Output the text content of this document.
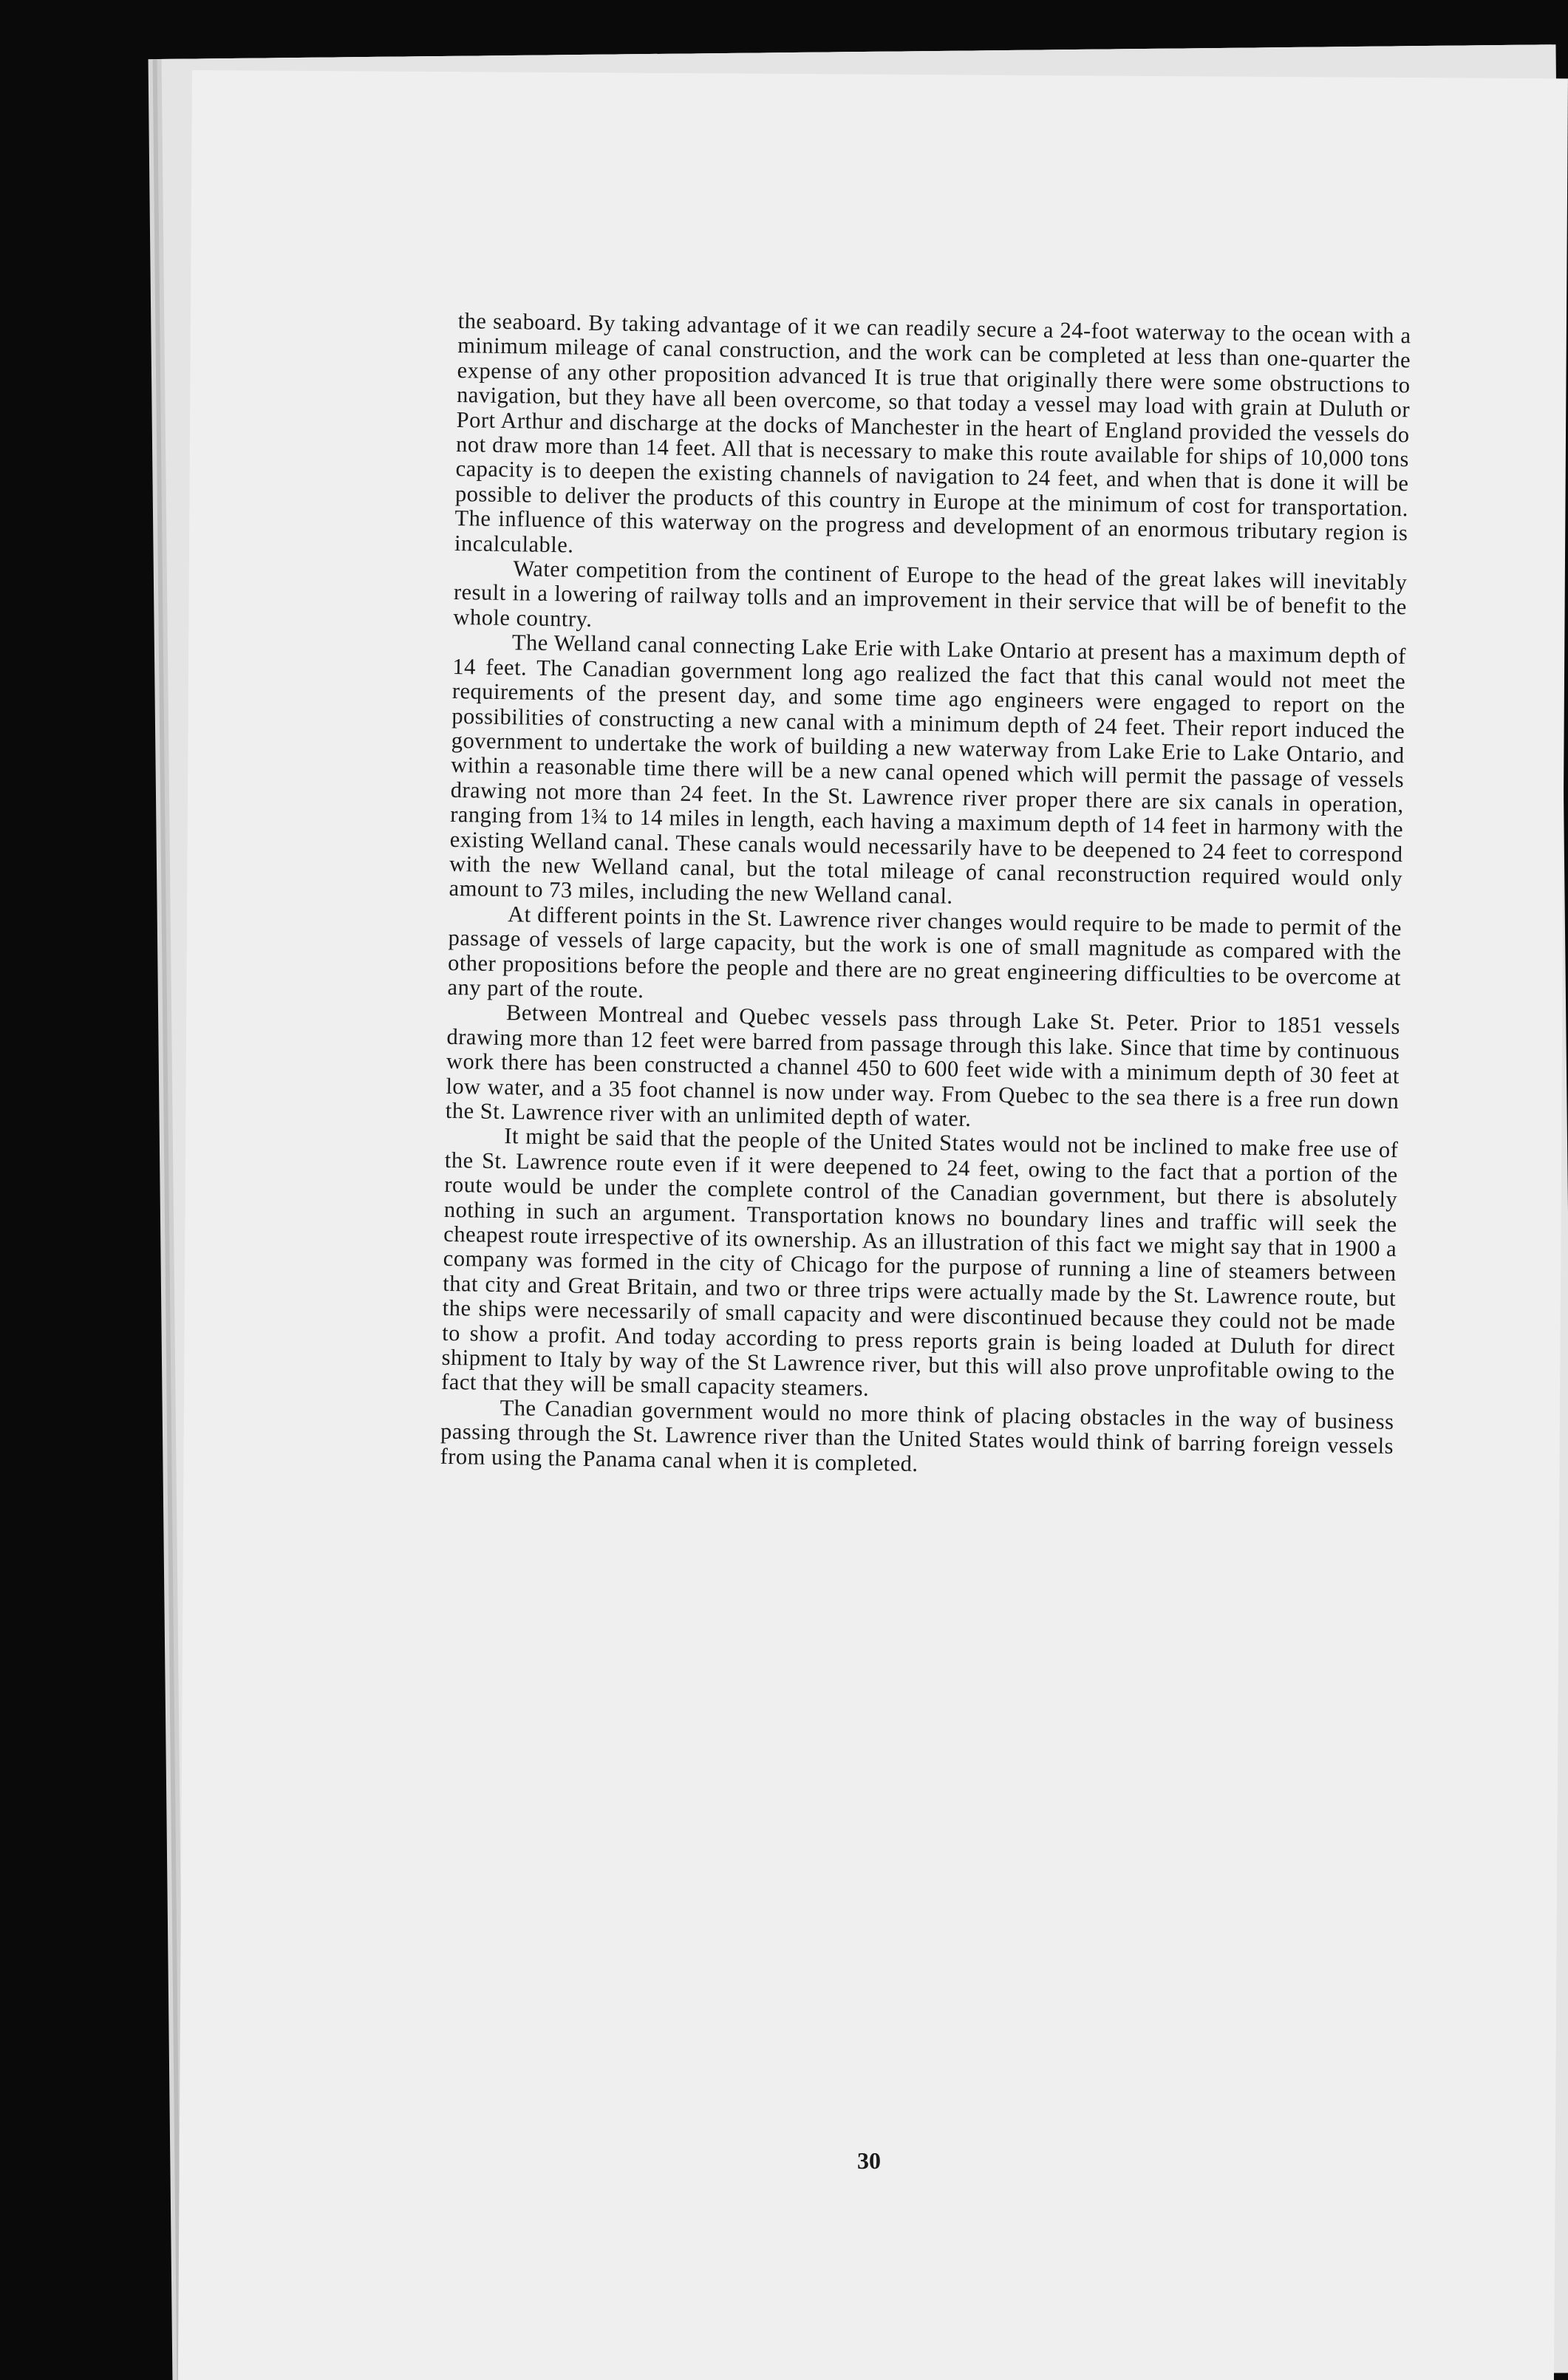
the seaboard. By taking advantage of it we can readily secure a 24-foot waterway to the ocean with a minimum mileage of canal construction, and the work can be completed at less than one-quarter the expense of any other proposition advanced It is true that originally there were some obstructions to navigation, but they have all been overcome, so that today a vessel may load with grain at Duluth or Port Arthur and discharge at the docks of Manchester in the heart of England provided the vessels do not draw more than 14 feet. All that is necessary to make this route available for ships of 10,000 tons capacity is to deepen the existing channels of navigation to 24 feet, and when that is done it will be possible to deliver the products of this country in Europe at the minimum of cost for transportation. The influence of this waterway on the progress and development of an enormous tributary region is incalculable.

Water competition from the continent of Europe to the head of the great lakes will inevitably result in a lowering of railway tolls and an improvement in their service that will be of benefit to the whole country.

The Welland canal connecting Lake Erie with Lake Ontario at present has a maximum depth of 14 feet. The Canadian government long ago realized the fact that this canal would not meet the requirements of the present day, and some time ago engineers were engaged to report on the possibilities of constructing a new canal with a minimum depth of 24 feet. Their report induced the government to undertake the work of building a new waterway from Lake Erie to Lake Ontario, and within a reasonable time there will be a new canal opened which will permit the passage of vessels drawing not more than 24 feet. In the St. Lawrence river proper there are six canals in operation, ranging from 1¾ to 14 miles in length, each having a maximum depth of 14 feet in harmony with the existing Welland canal. These canals would necessarily have to be deepened to 24 feet to correspond with the new Welland canal, but the total mileage of canal reconstruction required would only amount to 73 miles, including the new Welland canal.

At different points in the St. Lawrence river changes would require to be made to permit of the passage of vessels of large capacity, but the work is one of small magnitude as compared with the other propositions before the people and there are no great engineering difficulties to be overcome at any part of the route.

Between Montreal and Quebec vessels pass through Lake St. Peter. Prior to 1851 vessels drawing more than 12 feet were barred from passage through this lake. Since that time by continuous work there has been constructed a channel 450 to 600 feet wide with a minimum depth of 30 feet at low water, and a 35 foot channel is now under way. From Quebec to the sea there is a free run down the St. Lawrence river with an unlimited depth of water.

It might be said that the people of the United States would not be inclined to make free use of the St. Lawrence route even if it were deepened to 24 feet, owing to the fact that a portion of the route would be under the complete control of the Canadian government, but there is absolutely nothing in such an argument. Transportation knows no boundary lines and traffic will seek the cheapest route irrespective of its ownership. As an illustration of this fact we might say that in 1900 a company was formed in the city of Chicago for the purpose of running a line of steamers between that city and Great Britain, and two or three trips were actually made by the St. Lawrence route, but the ships were necessarily of small capacity and were discontinued because they could not be made to show a profit. And today according to press reports grain is being loaded at Duluth for direct shipment to Italy by way of the St Lawrence river, but this will also prove unprofitable owing to the fact that they will be small capacity steamers.

The Canadian government would no more think of placing obstacles in the way of business passing through the St. Lawrence river than the United States would think of barring foreign vessels from using the Panama canal when it is completed.

30
